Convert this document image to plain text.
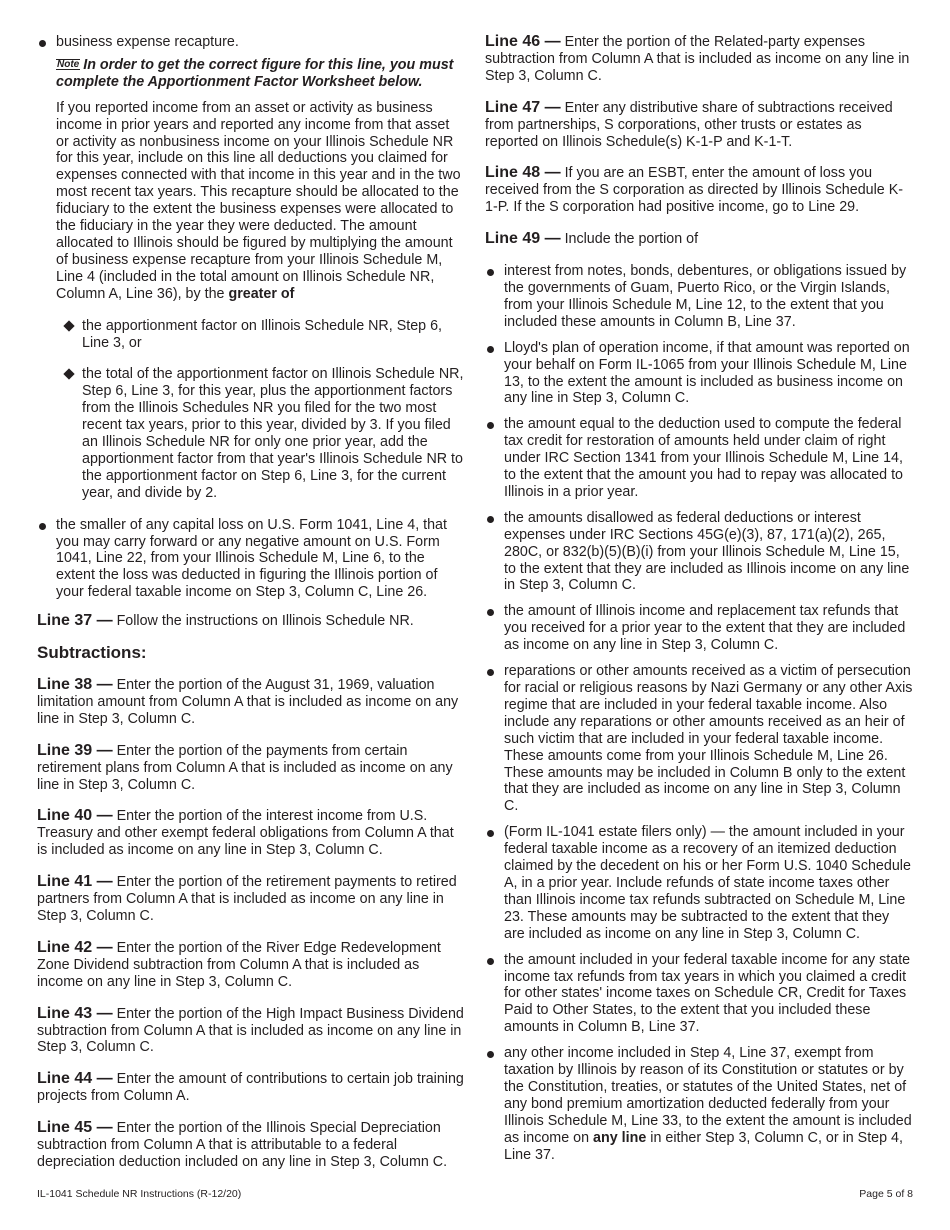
business expense recapture.

Note In order to get the correct figure for this line, you must complete the Apportionment Factor Worksheet below.

If you reported income from an asset or activity as business income in prior years and reported any income from that asset or activity as nonbusiness income on your Illinois Schedule NR for this year, include on this line all deductions you claimed for expenses connected with that income in this year and in the two most recent tax years. This recapture should be allocated to the fiduciary to the extent the business expenses were allocated to the fiduciary in the year they were deducted. The amount allocated to Illinois should be figured by multiplying the amount of business expense recapture from your Illinois Schedule M, Line 4 (included in the total amount on Illinois Schedule NR, Column A, Line 36), by the greater of

the apportionment factor on Illinois Schedule NR, Step 6, Line 3, or

the total of the apportionment factor on Illinois Schedule NR, Step 6, Line 3, for this year, plus the apportionment factors from the Illinois Schedules NR you filed for the two most recent tax years, prior to this year, divided by 3. If you filed an Illinois Schedule NR for only one prior year, add the apportionment factor from that year's Illinois Schedule NR to the apportionment factor on Step 6, Line 3, for the current year, and divide by 2.

the smaller of any capital loss on U.S. Form 1041, Line 4, that you may carry forward or any negative amount on U.S. Form 1041, Line 22, from your Illinois Schedule M, Line 6, to the extent the loss was deducted in figuring the Illinois portion of your federal taxable income on Step 3, Column C, Line 26.

Line 37 — Follow the instructions on Illinois Schedule NR.

Subtractions:

Line 38 — Enter the portion of the August 31, 1969, valuation limitation amount from Column A that is included as income on any line in Step 3, Column C.

Line 39 — Enter the portion of the payments from certain retirement plans from Column A that is included as income on any line in Step 3, Column C.

Line 40 — Enter the portion of the interest income from U.S. Treasury and other exempt federal obligations from Column A that is included as income on any line in Step 3, Column C.

Line 41 — Enter the portion of the retirement payments to retired partners from Column A that is included as income on any line in Step 3, Column C.

Line 42 — Enter the portion of the River Edge Redevelopment Zone Dividend subtraction from Column A that is included as income on any line in Step 3, Column C.

Line 43 — Enter the portion of the High Impact Business Dividend subtraction from Column A that is included as income on any line in Step 3, Column C.

Line 44 — Enter the amount of contributions to certain job training projects from Column A.

Line 45 — Enter the portion of the Illinois Special Depreciation subtraction from Column A that is attributable to a federal depreciation deduction included on any line in Step 3, Column C.

Line 46 — Enter the portion of the Related-party expenses subtraction from Column A that is included as income on any line in Step 3, Column C.

Line 47 — Enter any distributive share of subtractions received from partnerships, S corporations, other trusts or estates as reported on Illinois Schedule(s) K-1-P and K-1-T.

Line 48 — If you are an ESBT, enter the amount of loss you received from the S corporation as directed by Illinois Schedule K-1-P. If the S corporation had positive income, go to Line 29.

Line 49 — Include the portion of

interest from notes, bonds, debentures, or obligations issued by the governments of Guam, Puerto Rico, or the Virgin Islands, from your Illinois Schedule M, Line 12, to the extent that you included these amounts in Column B, Line 37.

Lloyd's plan of operation income, if that amount was reported on your behalf on Form IL-1065 from your Illinois Schedule M, Line 13, to the extent the amount is included as business income on any line in Step 3, Column C.

the amount equal to the deduction used to compute the federal tax credit for restoration of amounts held under claim of right under IRC Section 1341 from your Illinois Schedule M, Line 14, to the extent that the amount you had to repay was allocated to Illinois in a prior year.

the amounts disallowed as federal deductions or interest expenses under IRC Sections 45G(e)(3), 87, 171(a)(2), 265, 280C, or 832(b)(5)(B)(i) from your Illinois Schedule M, Line 15, to the extent that they are included as Illinois income on any line in Step 3, Column C.

the amount of Illinois income and replacement tax refunds that you received for a prior year to the extent that they are included as income on any line in Step 3, Column C.

reparations or other amounts received as a victim of persecution for racial or religious reasons by Nazi Germany or any other Axis regime that are included in your federal taxable income. Also include any reparations or other amounts received as an heir of such victim that are included in your federal taxable income. These amounts come from your Illinois Schedule M, Line 26. These amounts may be included in Column B only to the extent that they are included as income on any line in Step 3, Column C.

(Form IL-1041 estate filers only) — the amount included in your federal taxable income as a recovery of an itemized deduction claimed by the decedent on his or her Form U.S. 1040 Schedule A, in a prior year. Include refunds of state income taxes other than Illinois income tax refunds subtracted on Schedule M, Line 23. These amounts may be subtracted to the extent that they are included as income on any line in Step 3, Column C.

the amount included in your federal taxable income for any state income tax refunds from tax years in which you claimed a credit for other states' income taxes on Schedule CR, Credit for Taxes Paid to Other States, to the extent that you included these amounts in Column B, Line 37.

any other income included in Step 4, Line 37, exempt from taxation by Illinois by reason of its Constitution or statutes or by the Constitution, treaties, or statutes of the United States, net of any bond premium amortization deducted federally from your Illinois Schedule M, Line 33, to the extent the amount is included as income on any line in either Step 3, Column C, or in Step 4, Line 37.

IL-1041 Schedule NR Instructions (R-12/20)	Page 5 of 8
